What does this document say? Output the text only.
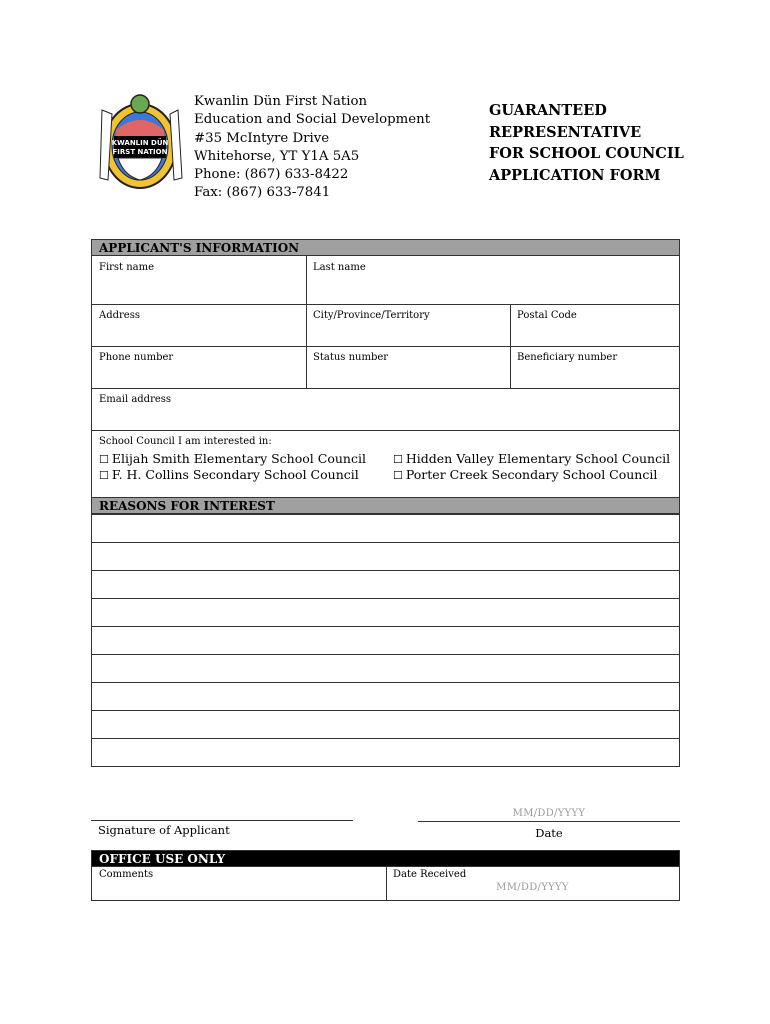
KWANLIN DÜN
FIRST NATION
Kwanlin Dün First Nation
Education and Social Development
#35 McIntyre Drive
Whitehorse, YT Y1A 5A5
Phone: (867) 633-8422
Fax: (867) 633-7841
GUARANTEED
REPRESENTATIVE
FOR SCHOOL COUNCIL
APPLICATION FORM
APPLICANT'S INFORMATION
First name	Last name
Address	City/Province/Territory	Postal Code
Phone number	Status number	Beneficiary number
Email address
School Council I am interested in:
☐ Elijah Smith Elementary School Council
☐ F. H. Collins Secondary School Council
☐ Hidden Valley Elementary School Council
☐ Porter Creek Secondary School Council
REASONS FOR INTEREST
Signature of Applicant
MM/DD/YYYY
Date
OFFICE USE ONLY
Comments	Date Received
MM/DD/YYYY
